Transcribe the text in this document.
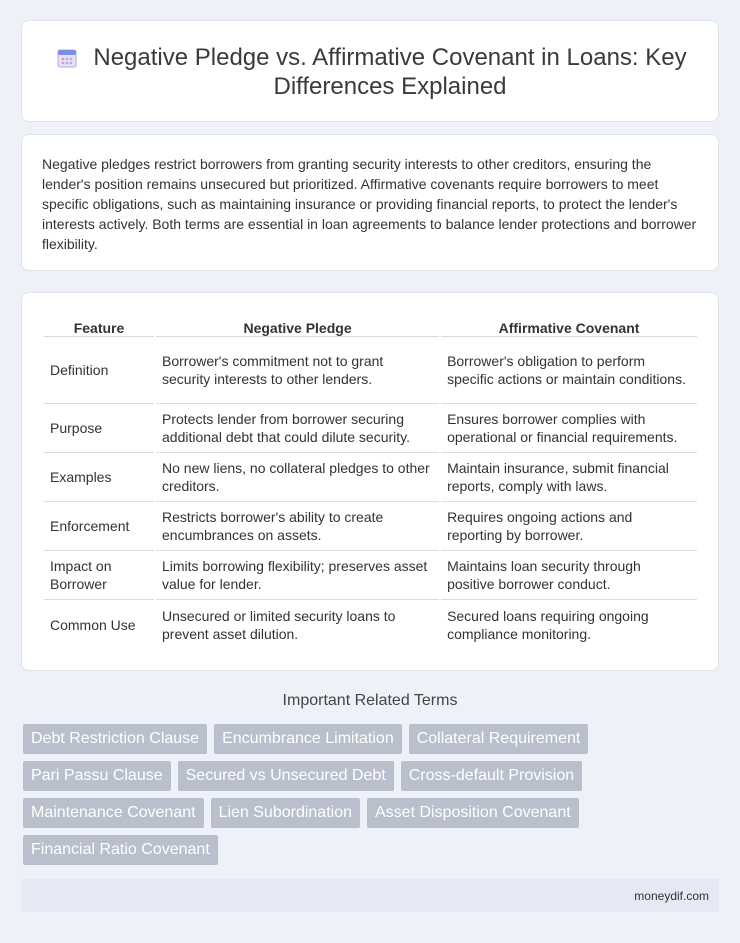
Negative Pledge vs. Affirmative Covenant in Loans: Key Differences Explained

Negative pledges restrict borrowers from granting security interests to other creditors, ensuring the lender's position remains unsecured but prioritized. Affirmative covenants require borrowers to meet specific obligations, such as maintaining insurance or providing financial reports, to protect the lender's interests actively. Both terms are essential in loan agreements to balance lender protections and borrower flexibility.

Feature	Negative Pledge	Affirmative Covenant
Definition	Borrower's commitment not to grant security interests to other lenders.	Borrower's obligation to perform specific actions or maintain conditions.
Purpose	Protects lender from borrower securing additional debt that could dilute security.	Ensures borrower complies with operational or financial requirements.
Examples	No new liens, no collateral pledges to other creditors.	Maintain insurance, submit financial reports, comply with laws.
Enforcement	Restricts borrower's ability to create encumbrances on assets.	Requires ongoing actions and reporting by borrower.
Impact on Borrower	Limits borrowing flexibility; preserves asset value for lender.	Maintains loan security through positive borrower conduct.
Common Use	Unsecured or limited security loans to prevent asset dilution.	Secured loans requiring ongoing compliance monitoring.
Important Related Terms
Debt Restriction Clause	Encumbrance Limitation	Collateral Requirement
Pari Passu Clause	Secured vs Unsecured Debt	Cross-default Provision
Maintenance Covenant	Lien Subordination	Asset Disposition Covenant
Financial Ratio Covenant
moneydif.com
